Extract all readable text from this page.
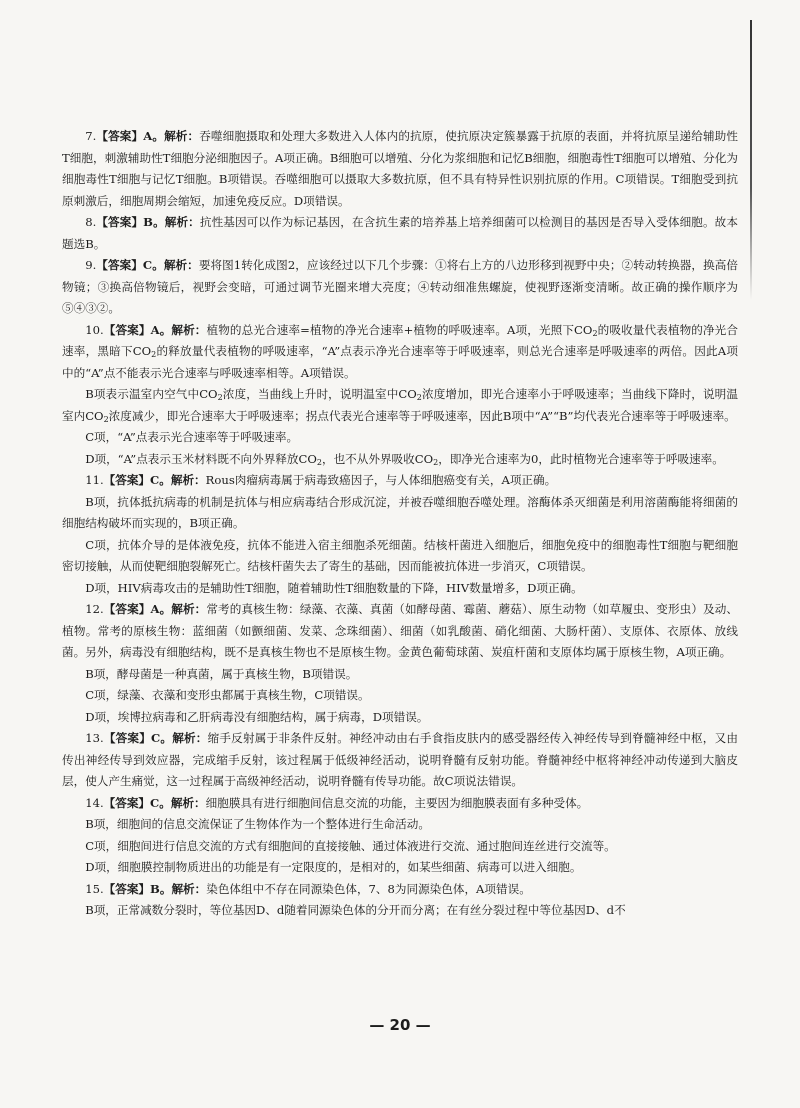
7.【答案】A。解析：吞噬细胞摄取和处理大多数进入人体内的抗原，使抗原决定簇暴露于抗原的表面，并将抗原呈递给辅助性T细胞，刺激辅助性T细胞分泌细胞因子。A项正确。B细胞可以增殖、分化为浆细胞和记忆B细胞，细胞毒性T细胞可以增殖、分化为细胞毒性T细胞与记忆T细胞。B项错误。吞噬细胞可以摄取大多数抗原，但不具有特异性识别抗原的作用。C项错误。T细胞受到抗原刺激后，细胞周期会缩短，加速免疫反应。D项错误。

8.【答案】B。解析：抗性基因可以作为标记基因，在含抗生素的培养基上培养细菌可以检测目的基因是否导入受体细胞。故本题选B。

9.【答案】C。解析：要将图1转化成图2，应该经过以下几个步骤：①将右上方的八边形移到视野中央；②转动转换器，换高倍物镜；③换高倍物镜后，视野会变暗，可通过调节光圈来增大亮度；④转动细准焦螺旋，使视野逐渐变清晰。故正确的操作顺序为⑤④③②。

10.【答案】A。解析：植物的总光合速率=植物的净光合速率+植物的呼吸速率。A项，光照下$CO_2$的吸收量代表植物的净光合速率，黑暗下$CO_2$的释放量代表植物的呼吸速率，“A”点表示净光合速率等于呼吸速率，则总光合速率是呼吸速率的两倍。因此A项中的“A”点不能表示光合速率与呼吸速率相等。A项错误。

B项表示温室内空气中$CO_2$浓度，当曲线上升时，说明温室中$CO_2$浓度增加，即光合速率小于呼吸速率；当曲线下降时，说明温室内$CO_2$浓度减少，即光合速率大于呼吸速率；拐点代表光合速率等于呼吸速率，因此B项中“A”“B”均代表光合速率等于呼吸速率。

C项，“A”点表示光合速率等于呼吸速率。

D项，“A”点表示玉米材料既不向外界释放$CO_2$，也不从外界吸收$CO_2$，即净光合速率为0，此时植物光合速率等于呼吸速率。

11.【答案】C。解析：Rous肉瘤病毒属于病毒致癌因子，与人体细胞癌变有关，A项正确。

B项，抗体抵抗病毒的机制是抗体与相应病毒结合形成沉淀，并被吞噬细胞吞噬处理。溶酶体杀灭细菌是利用溶菌酶能将细菌的细胞结构破坏而实现的，B项正确。

C项，抗体介导的是体液免疫，抗体不能进入宿主细胞杀死细菌。结核杆菌进入细胞后，细胞免疫中的细胞毒性T细胞与靶细胞密切接触，从而使靶细胞裂解死亡。结核杆菌失去了寄生的基础，因而能被抗体进一步消灭，C项错误。

D项，HIV病毒攻击的是辅助性T细胞，随着辅助性T细胞数量的下降，HIV数量增多，D项正确。

12.【答案】A。解析：常考的真核生物：绿藻、衣藻、真菌（如酵母菌、霉菌、蘑菇）、原生动物（如草履虫、变形虫）及动、植物。常考的原核生物：蓝细菌（如颤细菌、发菜、念珠细菌）、细菌（如乳酸菌、硝化细菌、大肠杆菌）、支原体、衣原体、放线菌。另外，病毒没有细胞结构，既不是真核生物也不是原核生物。金黄色葡萄球菌、炭疽杆菌和支原体均属于原核生物，A项正确。

B项，酵母菌是一种真菌，属于真核生物，B项错误。

C项，绿藻、衣藻和变形虫都属于真核生物，C项错误。

D项，埃博拉病毒和乙肝病毒没有细胞结构，属于病毒，D项错误。

13.【答案】C。解析：缩手反射属于非条件反射。神经冲动由右手食指皮肤内的感受器经传入神经传导到脊髓神经中枢，又由传出神经传导到效应器，完成缩手反射，该过程属于低级神经活动，说明脊髓有反射功能。脊髓神经中枢将神经冲动传递到大脑皮层，使人产生痛觉，这一过程属于高级神经活动，说明脊髓有传导功能。故C项说法错误。

14.【答案】C。解析：细胞膜具有进行细胞间信息交流的功能，主要因为细胞膜表面有多种受体。

B项，细胞间的信息交流保证了生物体作为一个整体进行生命活动。

C项，细胞间进行信息交流的方式有细胞间的直接接触、通过体液进行交流、通过胞间连丝进行交流等。

D项，细胞膜控制物质进出的功能是有一定限度的，是相对的，如某些细菌、病毒可以进入细胞。

15.【答案】B。解析：染色体组中不存在同源染色体，7、8为同源染色体，A项错误。

B项，正常减数分裂时，等位基因D、d随着同源染色体的分开而分离；在有丝分裂过程中等位基因D、d不

— 20 —
